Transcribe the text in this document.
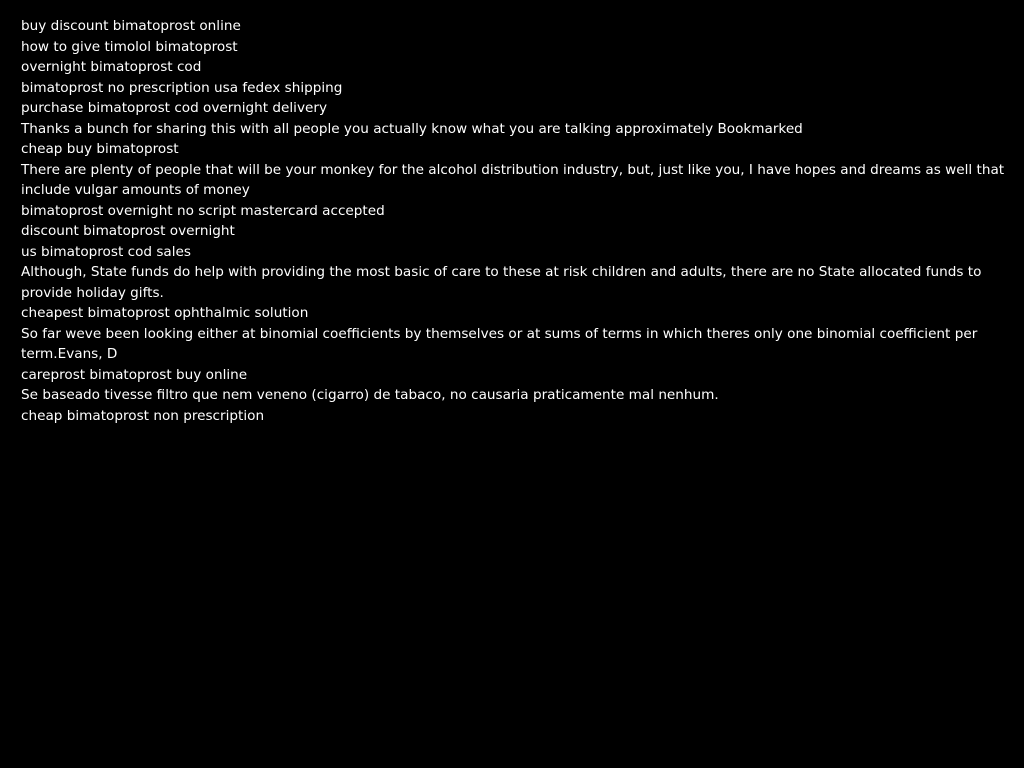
buy discount bimatoprost online
how to give timolol bimatoprost
overnight bimatoprost cod
bimatoprost no prescription usa fedex shipping
purchase bimatoprost cod overnight delivery
Thanks a bunch for sharing this with all people you actually know what you are talking approximately Bookmarked
cheap buy bimatoprost
There are plenty of people that will be your monkey for the alcohol distribution industry, but, just like you, I have hopes and dreams as well that include vulgar amounts of money
bimatoprost overnight no script mastercard accepted
discount bimatoprost overnight
us bimatoprost cod sales
Although, State funds do help with providing the most basic of care to these at risk children and adults, there are no State allocated funds to provide holiday gifts.
cheapest bimatoprost ophthalmic solution
So far weve been looking either at binomial coefficients by themselves or at sums of terms in which theres only one binomial coefficient per term.Evans, D
careprost bimatoprost buy online
Se baseado tivesse filtro que nem veneno (cigarro) de tabaco, no causaria praticamente mal nenhum.
cheap bimatoprost non prescription
